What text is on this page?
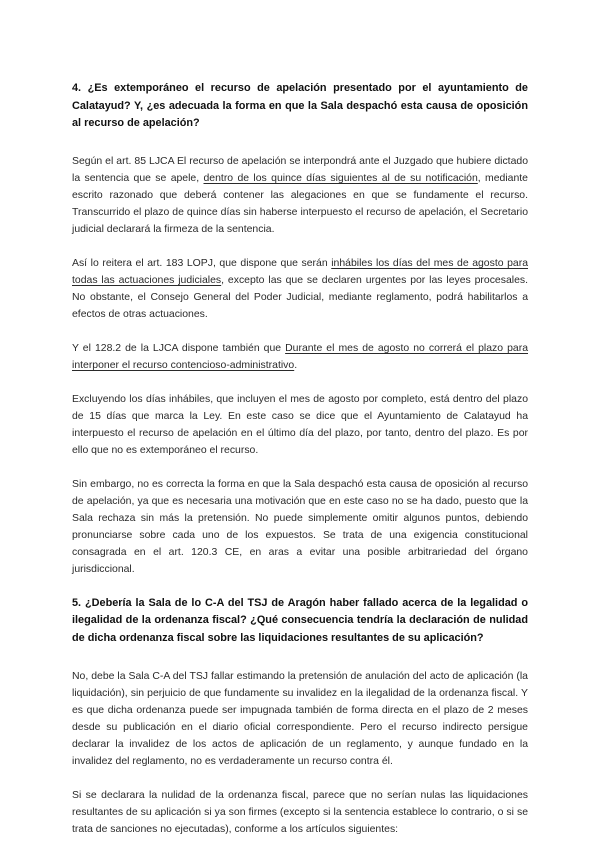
4. ¿Es extemporáneo el recurso de apelación presentado por el ayuntamiento de Calatayud? Y, ¿es adecuada la forma en que la Sala despachó esta causa de oposición al recurso de apelación?

Según el art. 85 LJCA El recurso de apelación se interpondrá ante el Juzgado que hubiere dictado la sentencia que se apele, dentro de los quince días siguientes al de su notificación, mediante escrito razonado que deberá contener las alegaciones en que se fundamente el recurso. Transcurrido el plazo de quince días sin haberse interpuesto el recurso de apelación, el Secretario judicial declarará la firmeza de la sentencia.

Así lo reitera el art. 183 LOPJ, que dispone que serán inhábiles los días del mes de agosto para todas las actuaciones judiciales, excepto las que se declaren urgentes por las leyes procesales. No obstante, el Consejo General del Poder Judicial, mediante reglamento, podrá habilitarlos a efectos de otras actuaciones.

Y el 128.2 de la LJCA dispone también que Durante el mes de agosto no correrá el plazo para interponer el recurso contencioso-administrativo.

Excluyendo los días inhábiles, que incluyen el mes de agosto por completo, está dentro del plazo de 15 días que marca la Ley. En este caso se dice que el Ayuntamiento de Calatayud ha interpuesto el recurso de apelación en el último día del plazo, por tanto, dentro del plazo. Es por ello que no es extemporáneo el recurso.

Sin embargo, no es correcta la forma en que la Sala despachó esta causa de oposición al recurso de apelación, ya que es necesaria una motivación que en este caso no se ha dado, puesto que la Sala rechaza sin más la pretensión. No puede simplemente omitir algunos puntos, debiendo pronunciarse sobre cada uno de los expuestos. Se trata de una exigencia constitucional consagrada en el art. 120.3 CE, en aras a evitar una posible arbitrariedad del órgano jurisdiccional.

5. ¿Debería la Sala de lo C-A del TSJ de Aragón haber fallado acerca de la legalidad o ilegalidad de la ordenanza fiscal? ¿Qué consecuencia tendría la declaración de nulidad de dicha ordenanza fiscal sobre las liquidaciones resultantes de su aplicación?

No, debe la Sala C-A del TSJ fallar estimando la pretensión de anulación del acto de aplicación (la liquidación), sin perjuicio de que fundamente su invalidez en la ilegalidad de la ordenanza fiscal. Y es que dicha ordenanza puede ser impugnada también de forma directa en el plazo de 2 meses desde su publicación en el diario oficial correspondiente. Pero el recurso indirecto persigue declarar la invalidez de los actos de aplicación de un reglamento, y aunque fundado en la invalidez del reglamento, no es verdaderamente un recurso contra él.

Si se declarara la nulidad de la ordenanza fiscal, parece que no serían nulas las liquidaciones resultantes de su aplicación si ya son firmes (excepto si la sentencia establece lo contrario, o si se trata de sanciones no ejecutadas), conforme a los artículos siguientes:
